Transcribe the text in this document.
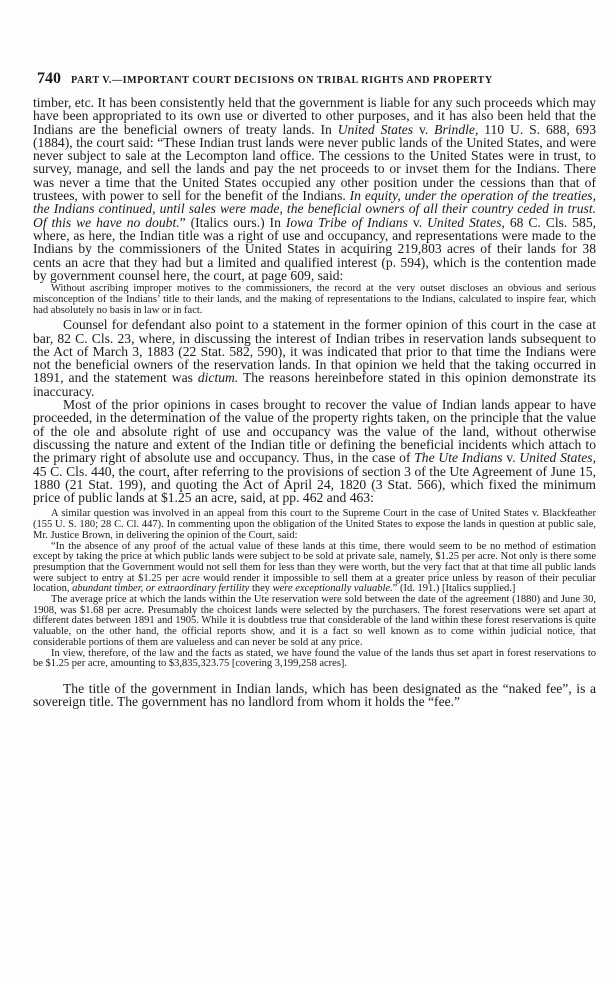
740 PART V.—IMPORTANT COURT DECISIONS ON TRIBAL RIGHTS AND PROPERTY

timber, etc. It has been consistently held that the government is liable for any such proceeds which may have been appropriated to its own use or diverted to other purposes, and it has also been held that the Indians are the beneficial owners of treaty lands. In United States v. Brindle, 110 U. S. 688, 693 (1884), the court said: “These Indian trust lands were never public lands of the United States, and were never subject to sale at the Lecompton land office. The cessions to the United States were in trust, to survey, manage, and sell the lands and pay the net proceeds to or invset them for the Indians. There was never a time that the United States occupied any other position under the cessions than that of trustees, with power to sell for the benefit of the Indians. In equity, under the operation of the treaties, the Indians continued, until sales were made, the beneficial owners of all their country ceded in trust. Of this we have no doubt.” (Italics ours.) In Iowa Tribe of Indians v. United States, 68 C. Cls. 585, where, as here, the Indian title was a right of use and occupancy, and representations were made to the Indians by the commissioners of the United States in acquiring 219,803 acres of their lands for 38 cents an acre that they had but a limited and qualified interest (p. 594), which is the contention made by government counsel here, the court, at page 609, said:

Without ascribing improper motives to the commissioners, the record at the very outset discloses an obvious and serious misconception of the Indians’ title to their lands, and the making of representations to the Indians, calculated to inspire fear, which had absolutely no basis in law or in fact.

Counsel for defendant also point to a statement in the former opinion of this court in the case at bar, 82 C. Cls. 23, where, in discussing the interest of Indian tribes in reservation lands subsequent to the Act of March 3, 1883 (22 Stat. 582, 590), it was indicated that prior to that time the Indians were not the beneficial owners of the reservation lands. In that opinion we held that the taking occurred in 1891, and the statement was dictum. The reasons hereinbefore stated in this opinion demonstrate its inaccuracy.

Most of the prior opinions in cases brought to recover the value of Indian lands appear to have proceeded, in the determination of the value of the property rights taken, on the principle that the value of the ole and absolute right of use and occupancy was the value of the land, without otherwise discussing the nature and extent of the Indian title or defining the beneficial incidents which attach to the primary right of absolute use and occupancy. Thus, in the case of The Ute Indians v. United States, 45 C. Cls. 440, the court, after referring to the provisions of section 3 of the Ute Agreement of June 15, 1880 (21 Stat. 199), and quoting the Act of April 24, 1820 (3 Stat. 566), which fixed the minimum price of public lands at $1.25 an acre, said, at pp. 462 and 463:

A similar question was involved in an appeal from this court to the Supreme Court in the case of United States v. Blackfeather (155 U. S. 180; 28 C. Cl. 447). In commenting upon the obligation of the United States to expose the lands in question at public sale, Mr. Justice Brown, in delivering the opinion of the Court, said:

“In the absence of any proof of the actual value of these lands at this time, there would seem to be no method of estimation except by taking the price at which public lands were subject to be sold at private sale, namely, $1.25 per acre. Not only is there some presumption that the Government would not sell them for less than they were worth, but the very fact that at that time all public lands were subject to entry at $1.25 per acre would render it impossible to sell them at a greater price unless by reason of their peculiar location, abundant timber, or extraordinary fertility they were exceptionally valuable.” (Id. 191.) [Italics supplied.]

The average price at which the lands within the Ute reservation were sold between the date of the agreement (1880) and June 30, 1908, was $1.68 per acre. Presumably the choicest lands were selected by the purchasers. The forest reservations were set apart at different dates between 1891 and 1905. While it is doubtless true that considerable of the land within these forest reservations is quite valuable, on the other hand, the official reports show, and it is a fact so well known as to come within judicial notice, that considerable portions of them are valueless and can never be sold at any price.

In view, therefore, of the law and the facts as stated, we have found the value of the lands thus set apart in forest reservations to be $1.25 per acre, amounting to $3,835,323.75 [covering 3,199,258 acres].

The title of the government in Indian lands, which has been designated as the “naked fee”, is a sovereign title. The government has no landlord from whom it holds the “fee.”
